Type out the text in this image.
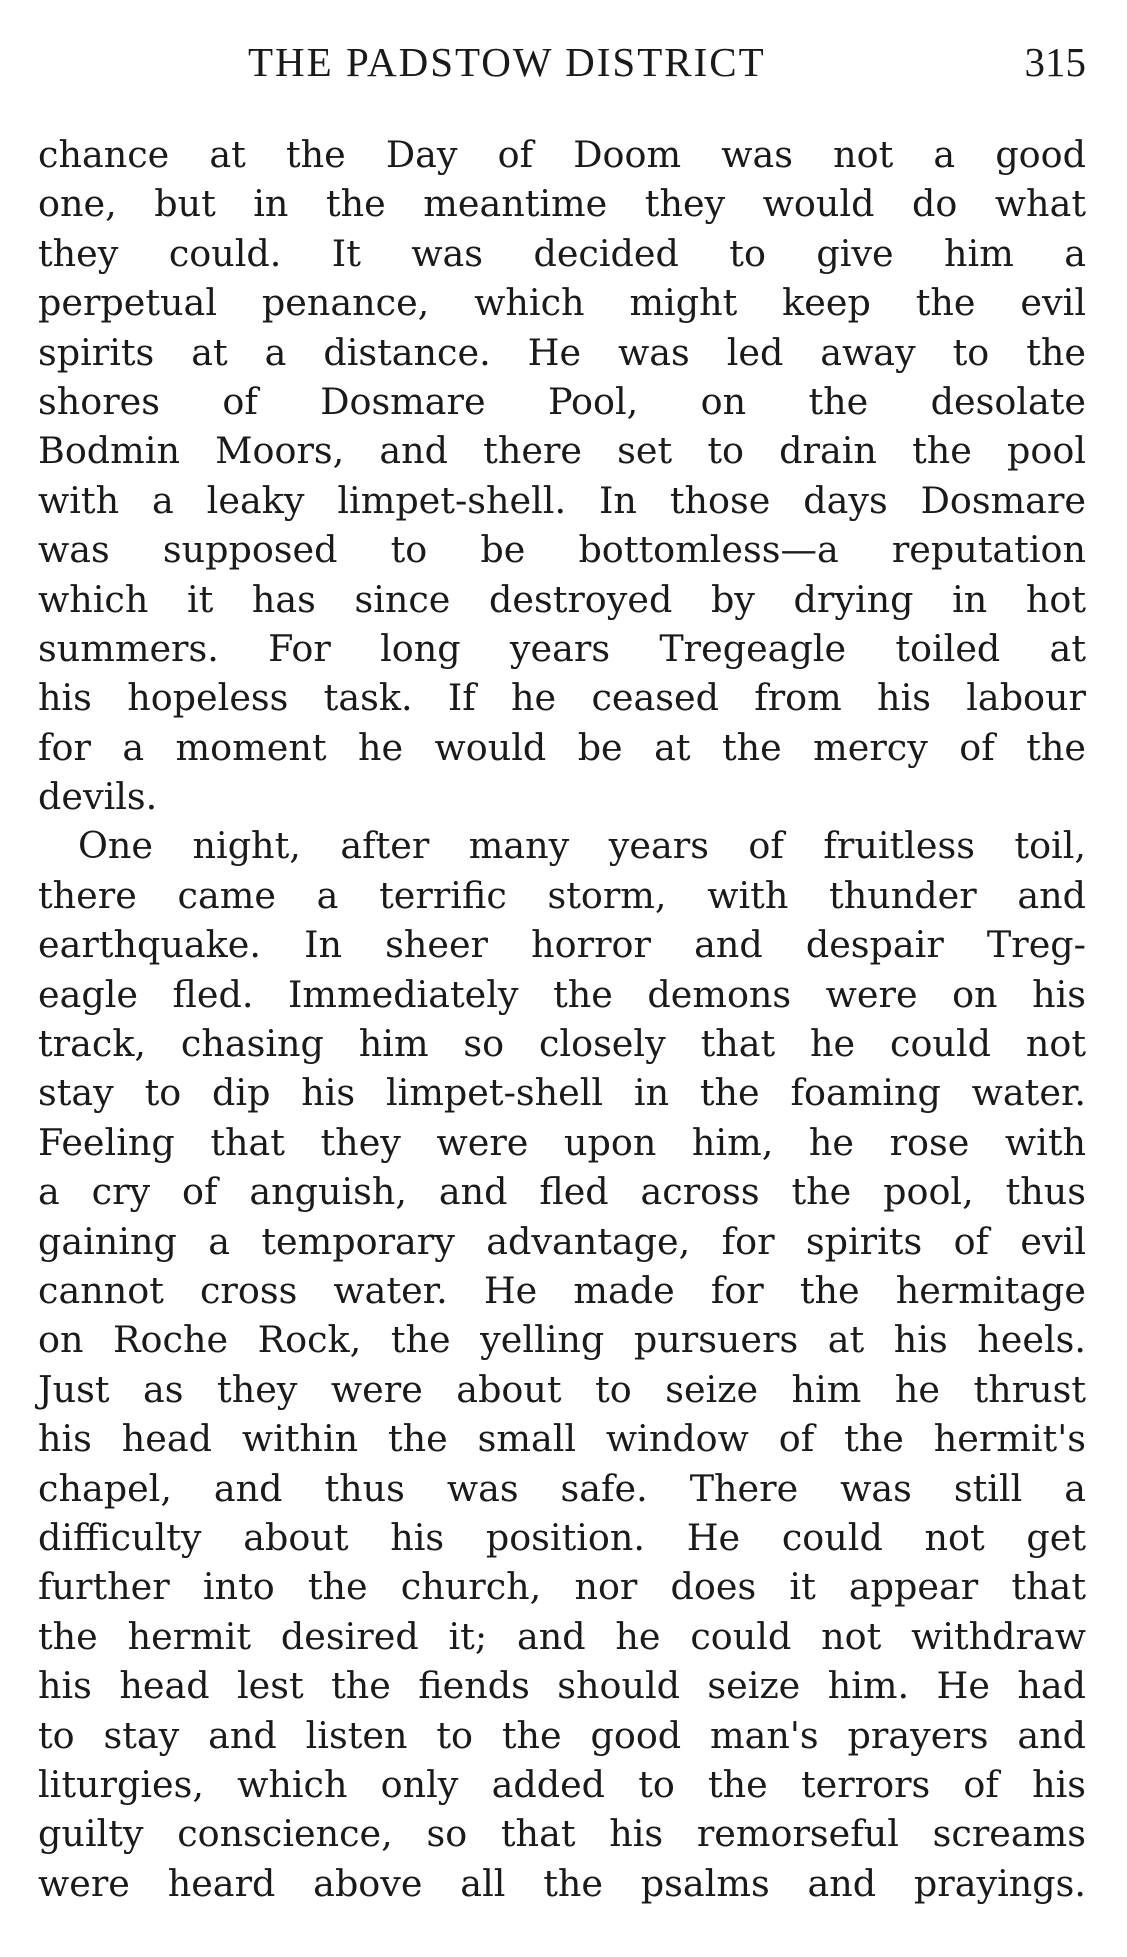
THE PADSTOW DISTRICT	315
chance at the Day of Doom was not a good
one, but in the meantime they would do what
they could. It was decided to give him a
perpetual penance, which might keep the evil
spirits at a distance. He was led away to the
shores of Dosmare Pool, on the desolate
Bodmin Moors, and there set to drain the pool
with a leaky limpet-shell. In those days Dosmare
was supposed to be bottomless—a reputation
which it has since destroyed by drying in hot
summers. For long years Tregeagle toiled at
his hopeless task. If he ceased from his labour
for a moment he would be at the mercy of the
devils.
One night, after many years of fruitless toil,
there came a terrific storm, with thunder and
earthquake. In sheer horror and despair Treg-
eagle fled. Immediately the demons were on his
track, chasing him so closely that he could not
stay to dip his limpet-shell in the foaming water.
Feeling that they were upon him, he rose with
a cry of anguish, and fled across the pool, thus
gaining a temporary advantage, for spirits of evil
cannot cross water. He made for the hermitage
on Roche Rock, the yelling pursuers at his heels.
Just as they were about to seize him he thrust
his head within the small window of the hermit's
chapel, and thus was safe. There was still a
difficulty about his position. He could not get
further into the church, nor does it appear that
the hermit desired it; and he could not withdraw
his head lest the fiends should seize him. He had
to stay and listen to the good man's prayers and
liturgies, which only added to the terrors of his
guilty conscience, so that his remorseful screams
were heard above all the psalms and prayings.
